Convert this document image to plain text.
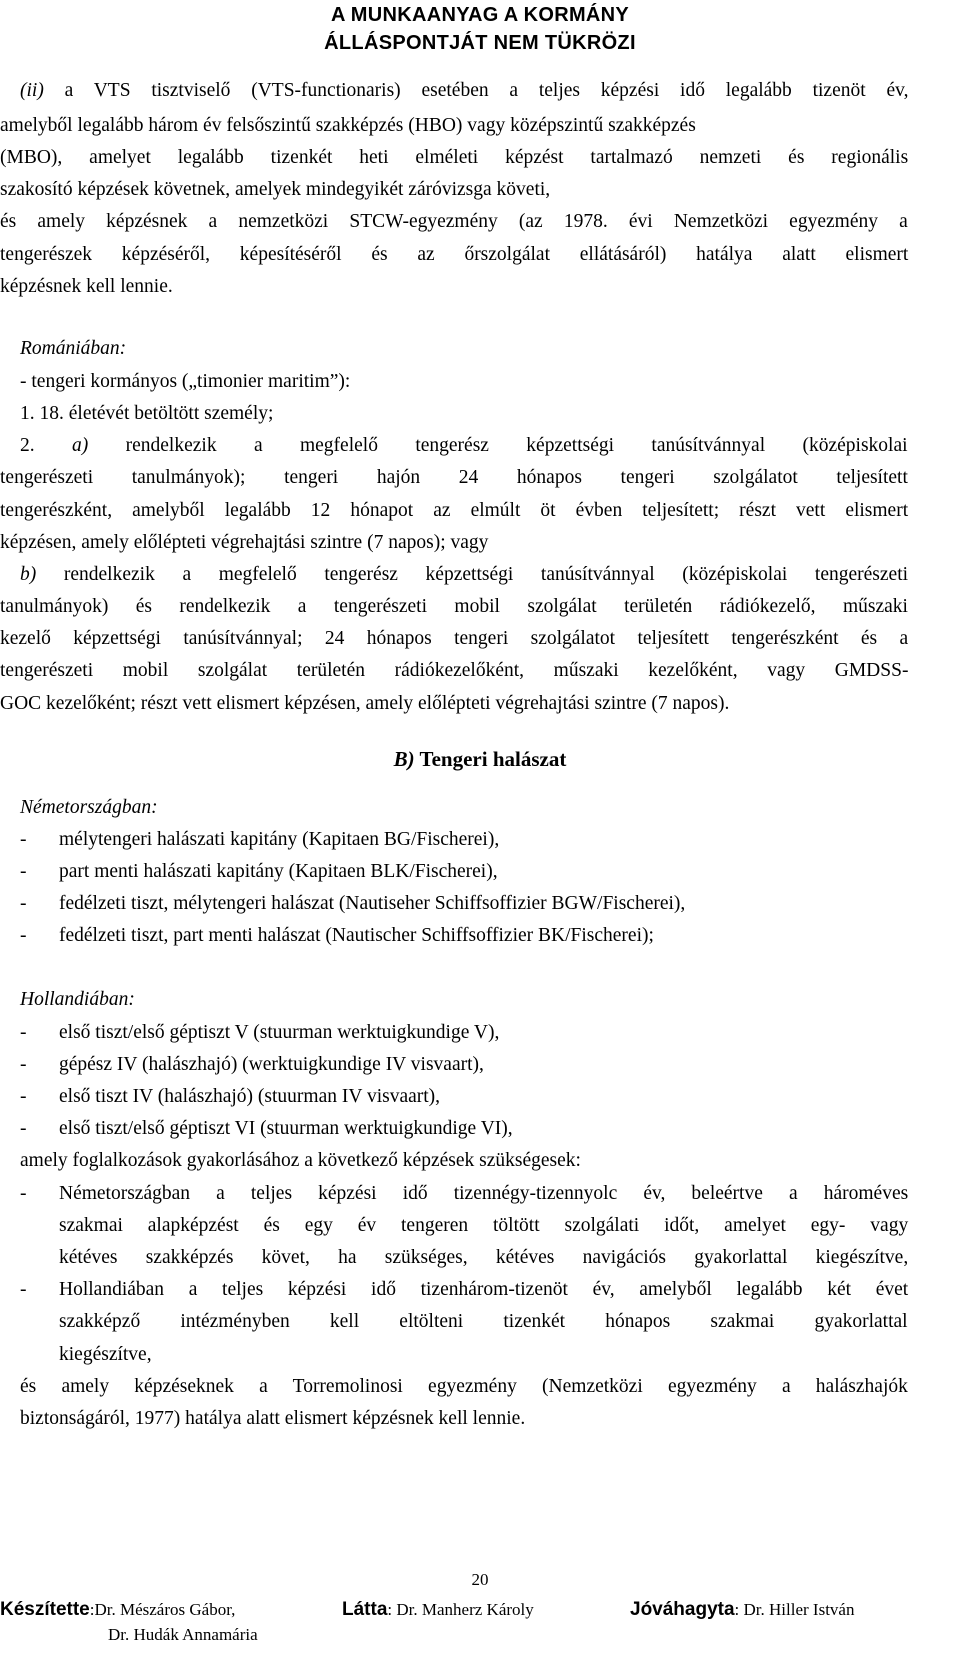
A MUNKAANYAG A KORMÁNY
ÁLLÁSPONTJÁT NEM TÜKRÖZI
(ii) a VTS tisztviselő (VTS-functionaris) esetében a teljes képzési idő legalább tizenöt év,
amelyből legalább három év felsőszintű szakképzés (HBO) vagy középszintű szakképzés
(MBO), amelyet legalább tizenkét heti elméleti képzést tartalmazó nemzeti és regionális
szakosító képzések követnek, amelyek mindegyikét záróvizsga követi,
és amely képzésnek a nemzetközi STCW-egyezmény (az 1978. évi Nemzetközi egyezmény a
tengerészek képzéséről, képesítéséről és az őrszolgálat ellátásáról) hatálya alatt elismert
képzésnek kell lennie.
Romániában:
- tengeri kormányos („timonier maritim”):
1. 18. életévét betöltött személy;
2. a) rendelkezik a megfelelő tengerész képzettségi tanúsítvánnyal (középiskolai
tengerészeti tanulmányok); tengeri hajón 24 hónapos tengeri szolgálatot teljesített
tengerészként, amelyből legalább 12 hónapot az elmúlt öt évben teljesített; részt vett elismert
képzésen, amely előlépteti végrehajtási szintre (7 napos); vagy
b) rendelkezik a megfelelő tengerész képzettségi tanúsítvánnyal (középiskolai tengerészeti
tanulmányok) és rendelkezik a tengerészeti mobil szolgálat területén rádiókezelő, műszaki
kezelő képzettségi tanúsítvánnyal; 24 hónapos tengeri szolgálatot teljesített tengerészként és a
tengerészeti mobil szolgálat területén rádiókezelőként, műszaki kezelőként, vagy GMDSS-
GOC kezelőként; részt vett elismert képzésen, amely előlépteti végrehajtási szintre (7 napos).
B) Tengeri halászat
Németországban:
- mélytengeri halászati kapitány (Kapitaen BG/Fischerei),
- part menti halászati kapitány (Kapitaen BLK/Fischerei),
- fedélzeti tiszt, mélytengeri halászat (Nautiseher Schiffsoffizier BGW/Fischerei),
- fedélzeti tiszt, part menti halászat (Nautischer Schiffsoffizier BK/Fischerei);
Hollandiában:
- első tiszt/első géptiszt V (stuurman werktuigkundige V),
- gépész IV (halászhajó) (werktuigkundige IV visvaart),
- első tiszt IV (halászhajó) (stuurman IV visvaart),
- első tiszt/első géptiszt VI (stuurman werktuigkundige VI),
amely foglalkozások gyakorlásához a következő képzések szükségesek:
- Németországban a teljes képzési idő tizennégy-tizennyolc év, beleértve a hároméves
szakmai alapképzést és egy év tengeren töltött szolgálati időt, amelyet egy- vagy
kétéves szakképzés követ, ha szükséges, kétéves navigációs gyakorlattal kiegészítve,
- Hollandiában a teljes képzési idő tizenhárom-tizenöt év, amelyből legalább két évet
szakképző intézményben kell eltölteni tizenkét hónapos szakmai gyakorlattal
kiegészítve,
és amely képzéseknek a Torremolinosi egyezmény (Nemzetközi egyezmény a halászhajók
biztonságáról, 1977) hatálya alatt elismert képzésnek kell lennie.
20
Készítette:Dr. Mészáros Gábor,
Dr. Hudák Annamária
Látta: Dr. Manherz Károly	Jóváhagyta: Dr. Hiller István
